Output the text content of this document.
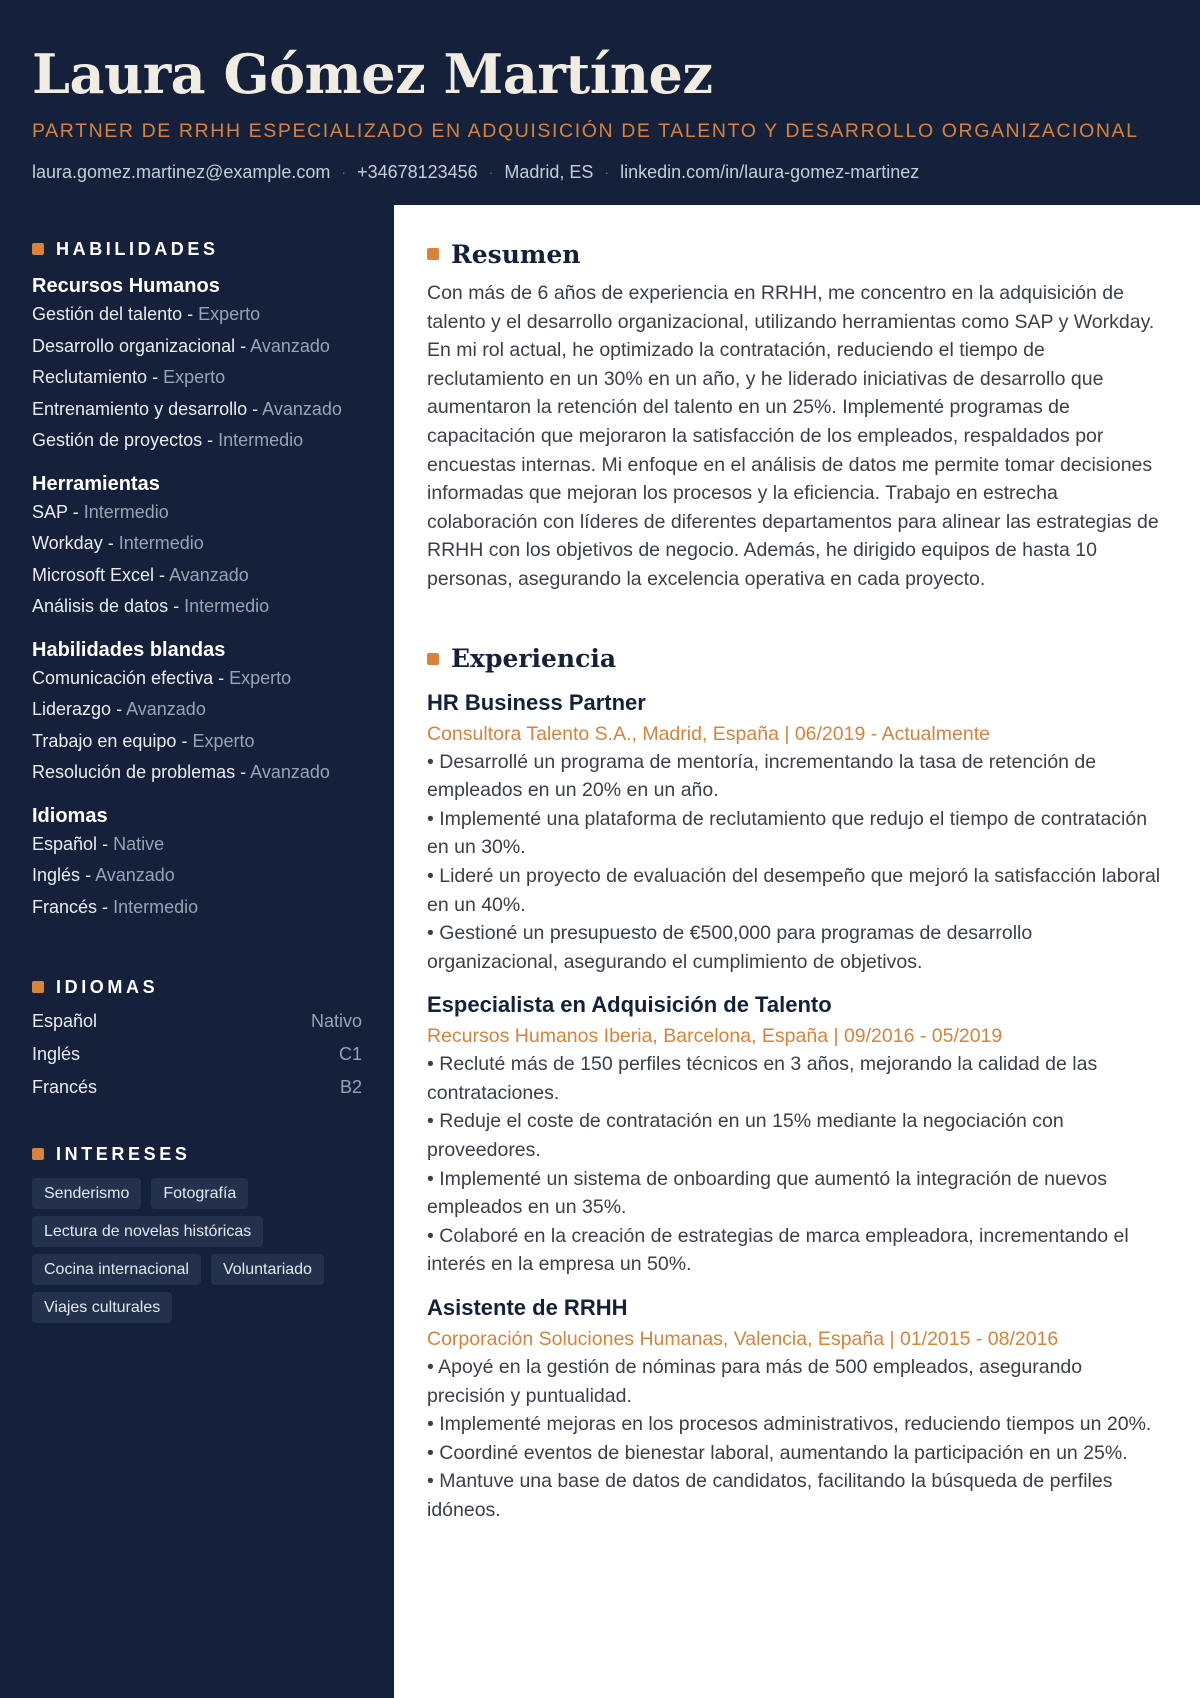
Laura Gómez Martínez
PARTNER DE RRHH ESPECIALIZADO EN ADQUISICIÓN DE TALENTO Y DESARROLLO ORGANIZACIONAL
laura.gomez.martinez@example.com · +34678123456 · Madrid, ES · linkedin.com/in/laura-gomez-martinez
HABILIDADES
Recursos Humanos
Gestión del talento - Experto
Desarrollo organizacional - Avanzado
Reclutamiento - Experto
Entrenamiento y desarrollo - Avanzado
Gestión de proyectos - Intermedio
Herramientas
SAP - Intermedio
Workday - Intermedio
Microsoft Excel - Avanzado
Análisis de datos - Intermedio
Habilidades blandas
Comunicación efectiva - Experto
Liderazgo - Avanzado
Trabajo en equipo - Experto
Resolución de problemas - Avanzado
Idiomas
Español - Native
Inglés - Avanzado
Francés - Intermedio
IDIOMAS
Español	Nativo
Inglés	C1
Francés	B2
INTERESES
Senderismo	Fotografía
Lectura de novelas históricas
Cocina internacional	Voluntariado
Viajes culturales
Resumen

Con más de 6 años de experiencia en RRHH, me concentro en la adquisición de talento y el desarrollo organizacional, utilizando herramientas como SAP y Workday. En mi rol actual, he optimizado la contratación, reduciendo el tiempo de reclutamiento en un 30% en un año, y he liderado iniciativas de desarrollo que aumentaron la retención del talento en un 25%. Implementé programas de capacitación que mejoraron la satisfacción de los empleados, respaldados por encuestas internas. Mi enfoque en el análisis de datos me permite tomar decisiones informadas que mejoran los procesos y la eficiencia. Trabajo en estrecha colaboración con líderes de diferentes departamentos para alinear las estrategias de RRHH con los objetivos de negocio. Además, he dirigido equipos de hasta 10 personas, asegurando la excelencia operativa en cada proyecto.

Experiencia
HR Business Partner
Consultora Talento S.A., Madrid, España | 06/2019 - Actualmente
• Desarrollé un programa de mentoría, incrementando la tasa de retención de empleados en un 20% en un año.
• Implementé una plataforma de reclutamiento que redujo el tiempo de contratación en un 30%.
• Lideré un proyecto de evaluación del desempeño que mejoró la satisfacción laboral en un 40%.
• Gestioné un presupuesto de €500,000 para programas de desarrollo organizacional, asegurando el cumplimiento de objetivos.
Especialista en Adquisición de Talento
Recursos Humanos Iberia, Barcelona, España | 09/2016 - 05/2019
• Recluté más de 150 perfiles técnicos en 3 años, mejorando la calidad de las contrataciones.
• Reduje el coste de contratación en un 15% mediante la negociación con proveedores.
• Implementé un sistema de onboarding que aumentó la integración de nuevos empleados en un 35%.
• Colaboré en la creación de estrategias de marca empleadora, incrementando el interés en la empresa un 50%.
Asistente de RRHH
Corporación Soluciones Humanas, Valencia, España | 01/2015 - 08/2016
• Apoyé en la gestión de nóminas para más de 500 empleados, asegurando precisión y puntualidad.
• Implementé mejoras en los procesos administrativos, reduciendo tiempos un 20%.
• Coordiné eventos de bienestar laboral, aumentando la participación en un 25%.
• Mantuve una base de datos de candidatos, facilitando la búsqueda de perfiles idóneos.
